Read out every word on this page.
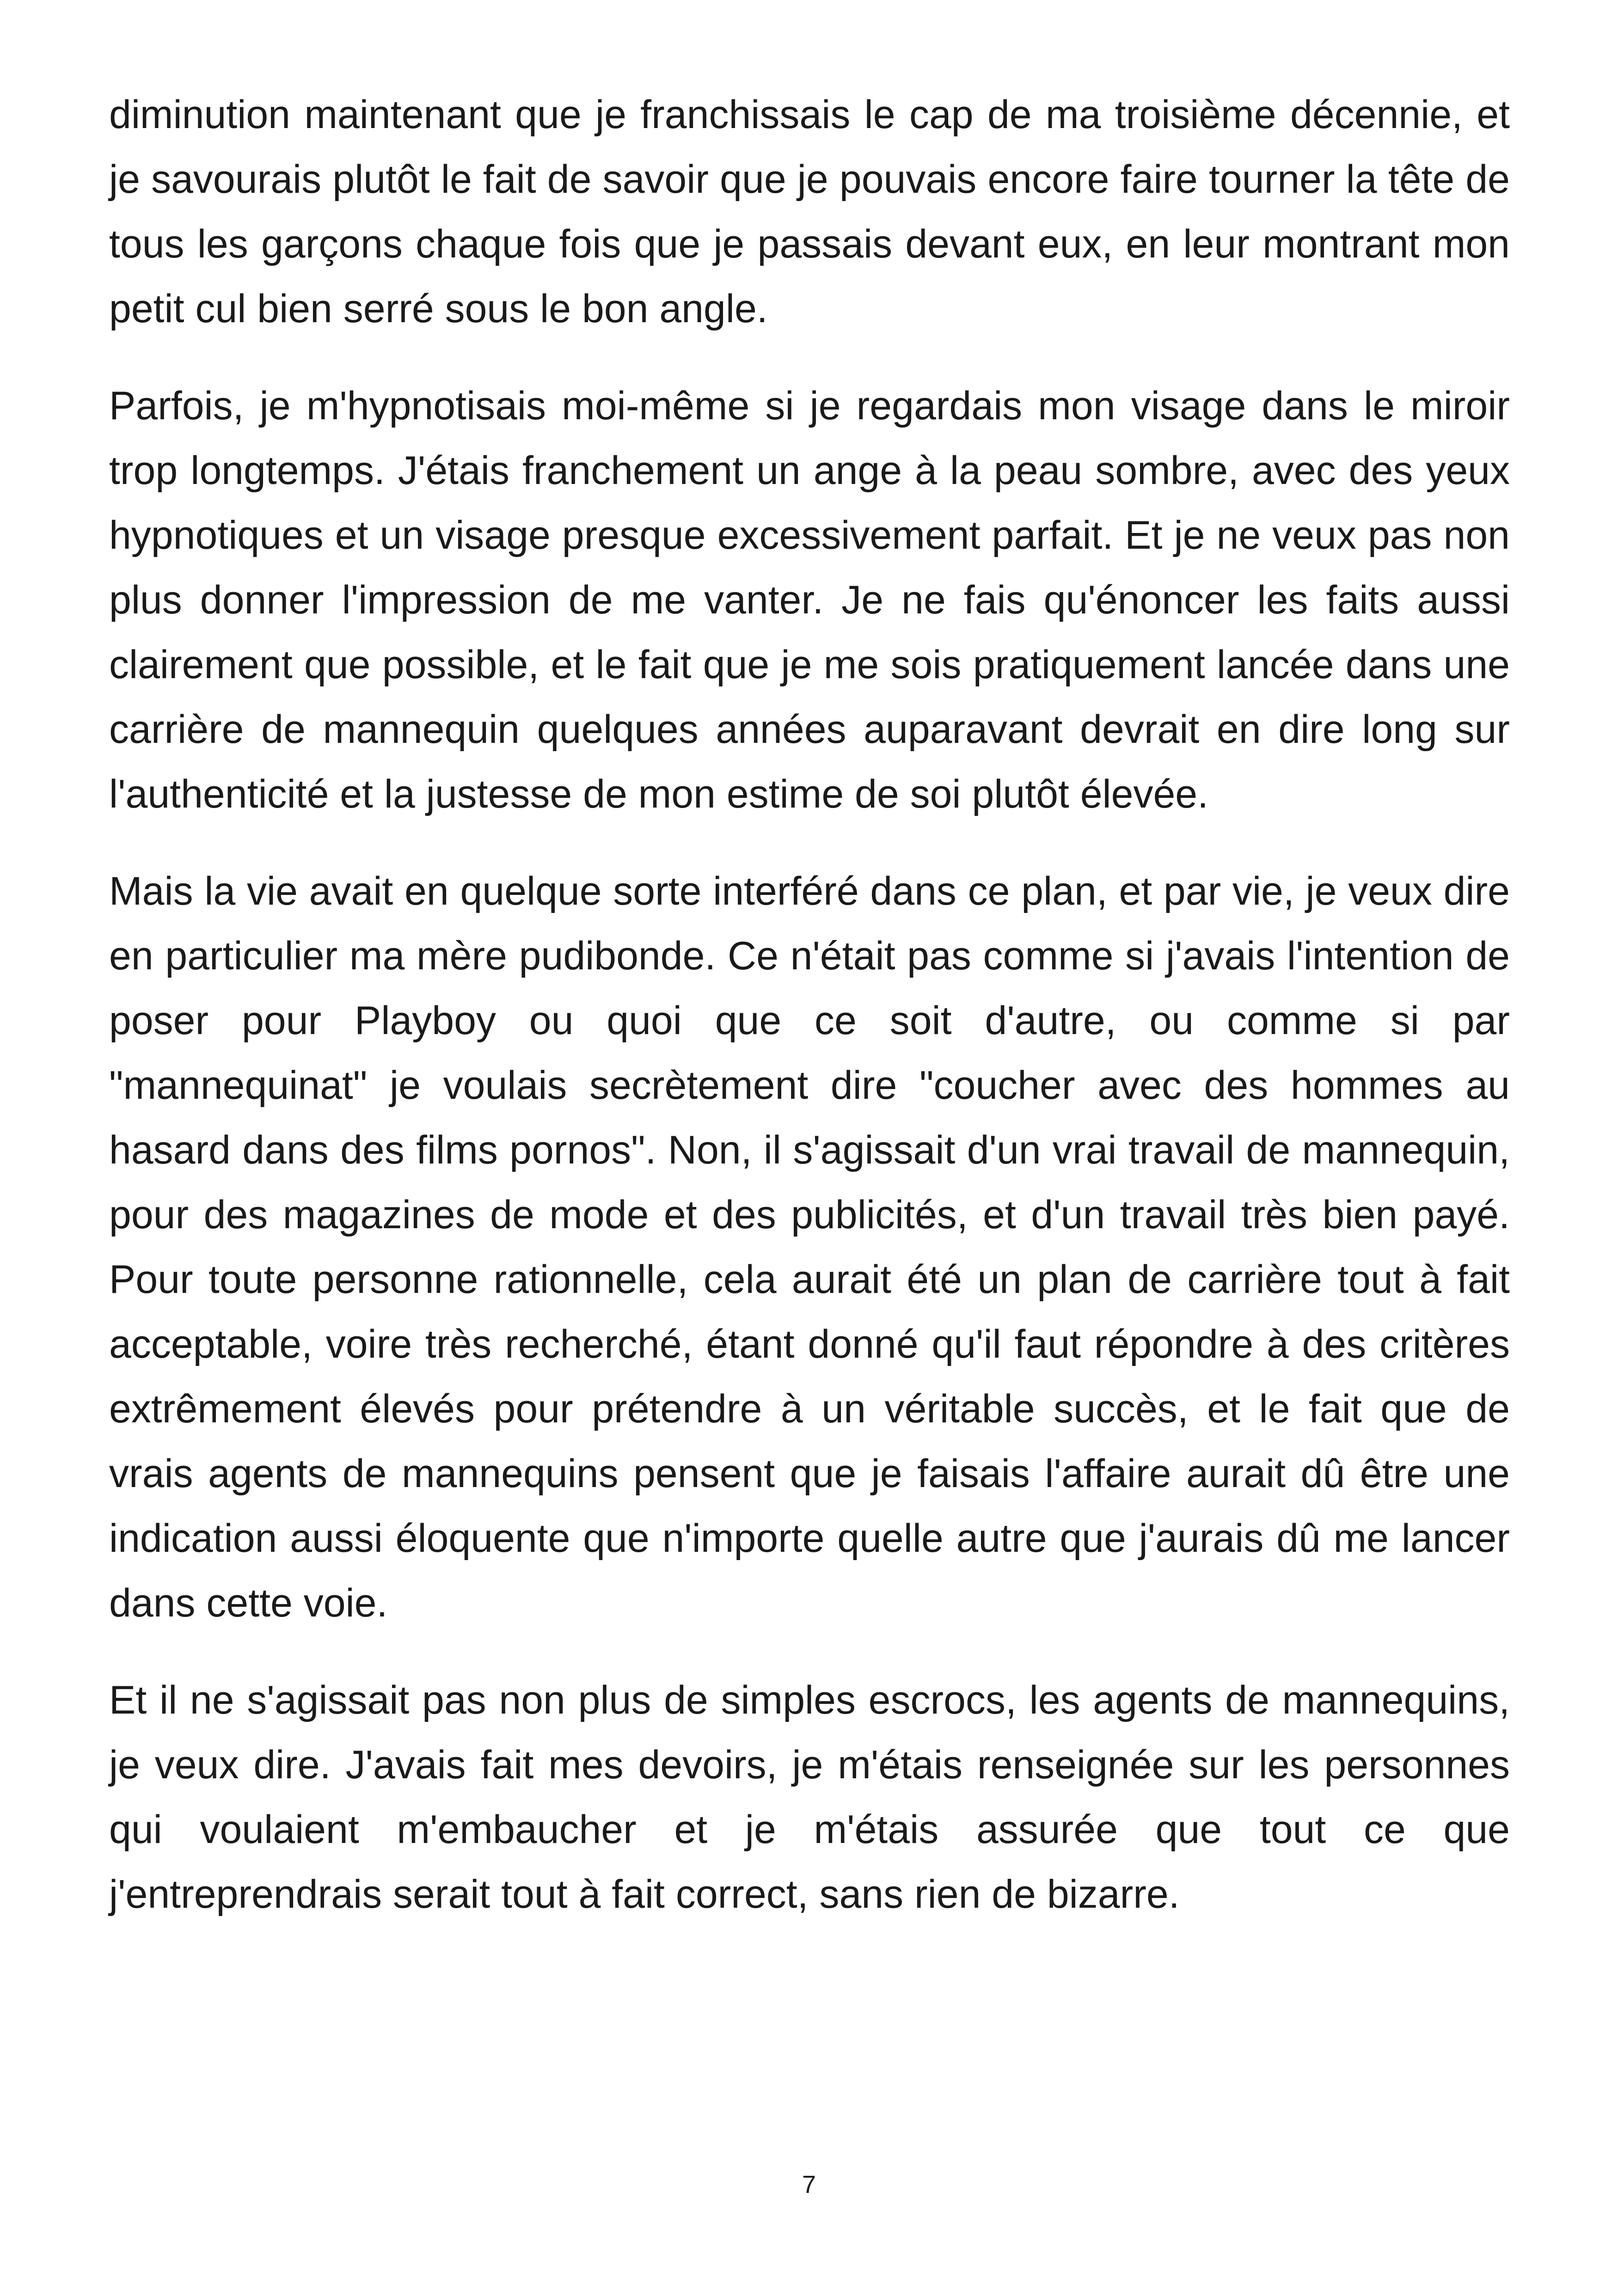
diminution maintenant que je franchissais le cap de ma troisième décennie, et je savourais plutôt le fait de savoir que je pouvais encore faire tourner la tête de tous les garçons chaque fois que je passais devant eux, en leur montrant mon petit cul bien serré sous le bon angle.

Parfois, je m'hypnotisais moi-même si je regardais mon visage dans le miroir trop longtemps. J'étais franchement un ange à la peau sombre, avec des yeux hypnotiques et un visage presque excessivement parfait. Et je ne veux pas non plus donner l'impression de me vanter. Je ne fais qu'énoncer les faits aussi clairement que possible, et le fait que je me sois pratiquement lancée dans une carrière de mannequin quelques années auparavant devrait en dire long sur l'authenticité et la justesse de mon estime de soi plutôt élevée.

Mais la vie avait en quelque sorte interféré dans ce plan, et par vie, je veux dire en particulier ma mère pudibonde. Ce n'était pas comme si j'avais l'intention de poser pour Playboy ou quoi que ce soit d'autre, ou comme si par "mannequinat" je voulais secrètement dire "coucher avec des hommes au hasard dans des films pornos". Non, il s'agissait d'un vrai travail de mannequin, pour des magazines de mode et des publicités, et d'un travail très bien payé. Pour toute personne rationnelle, cela aurait été un plan de carrière tout à fait acceptable, voire très recherché, étant donné qu'il faut répondre à des critères extrêmement élevés pour prétendre à un véritable succès, et le fait que de vrais agents de mannequins pensent que je faisais l'affaire aurait dû être une indication aussi éloquente que n'importe quelle autre que j'aurais dû me lancer dans cette voie.

Et il ne s'agissait pas non plus de simples escrocs, les agents de mannequins, je veux dire. J'avais fait mes devoirs, je m'étais renseignée sur les personnes qui voulaient m'embaucher et je m'étais assurée que tout ce que j'entreprendrais serait tout à fait correct, sans rien de bizarre.

7
